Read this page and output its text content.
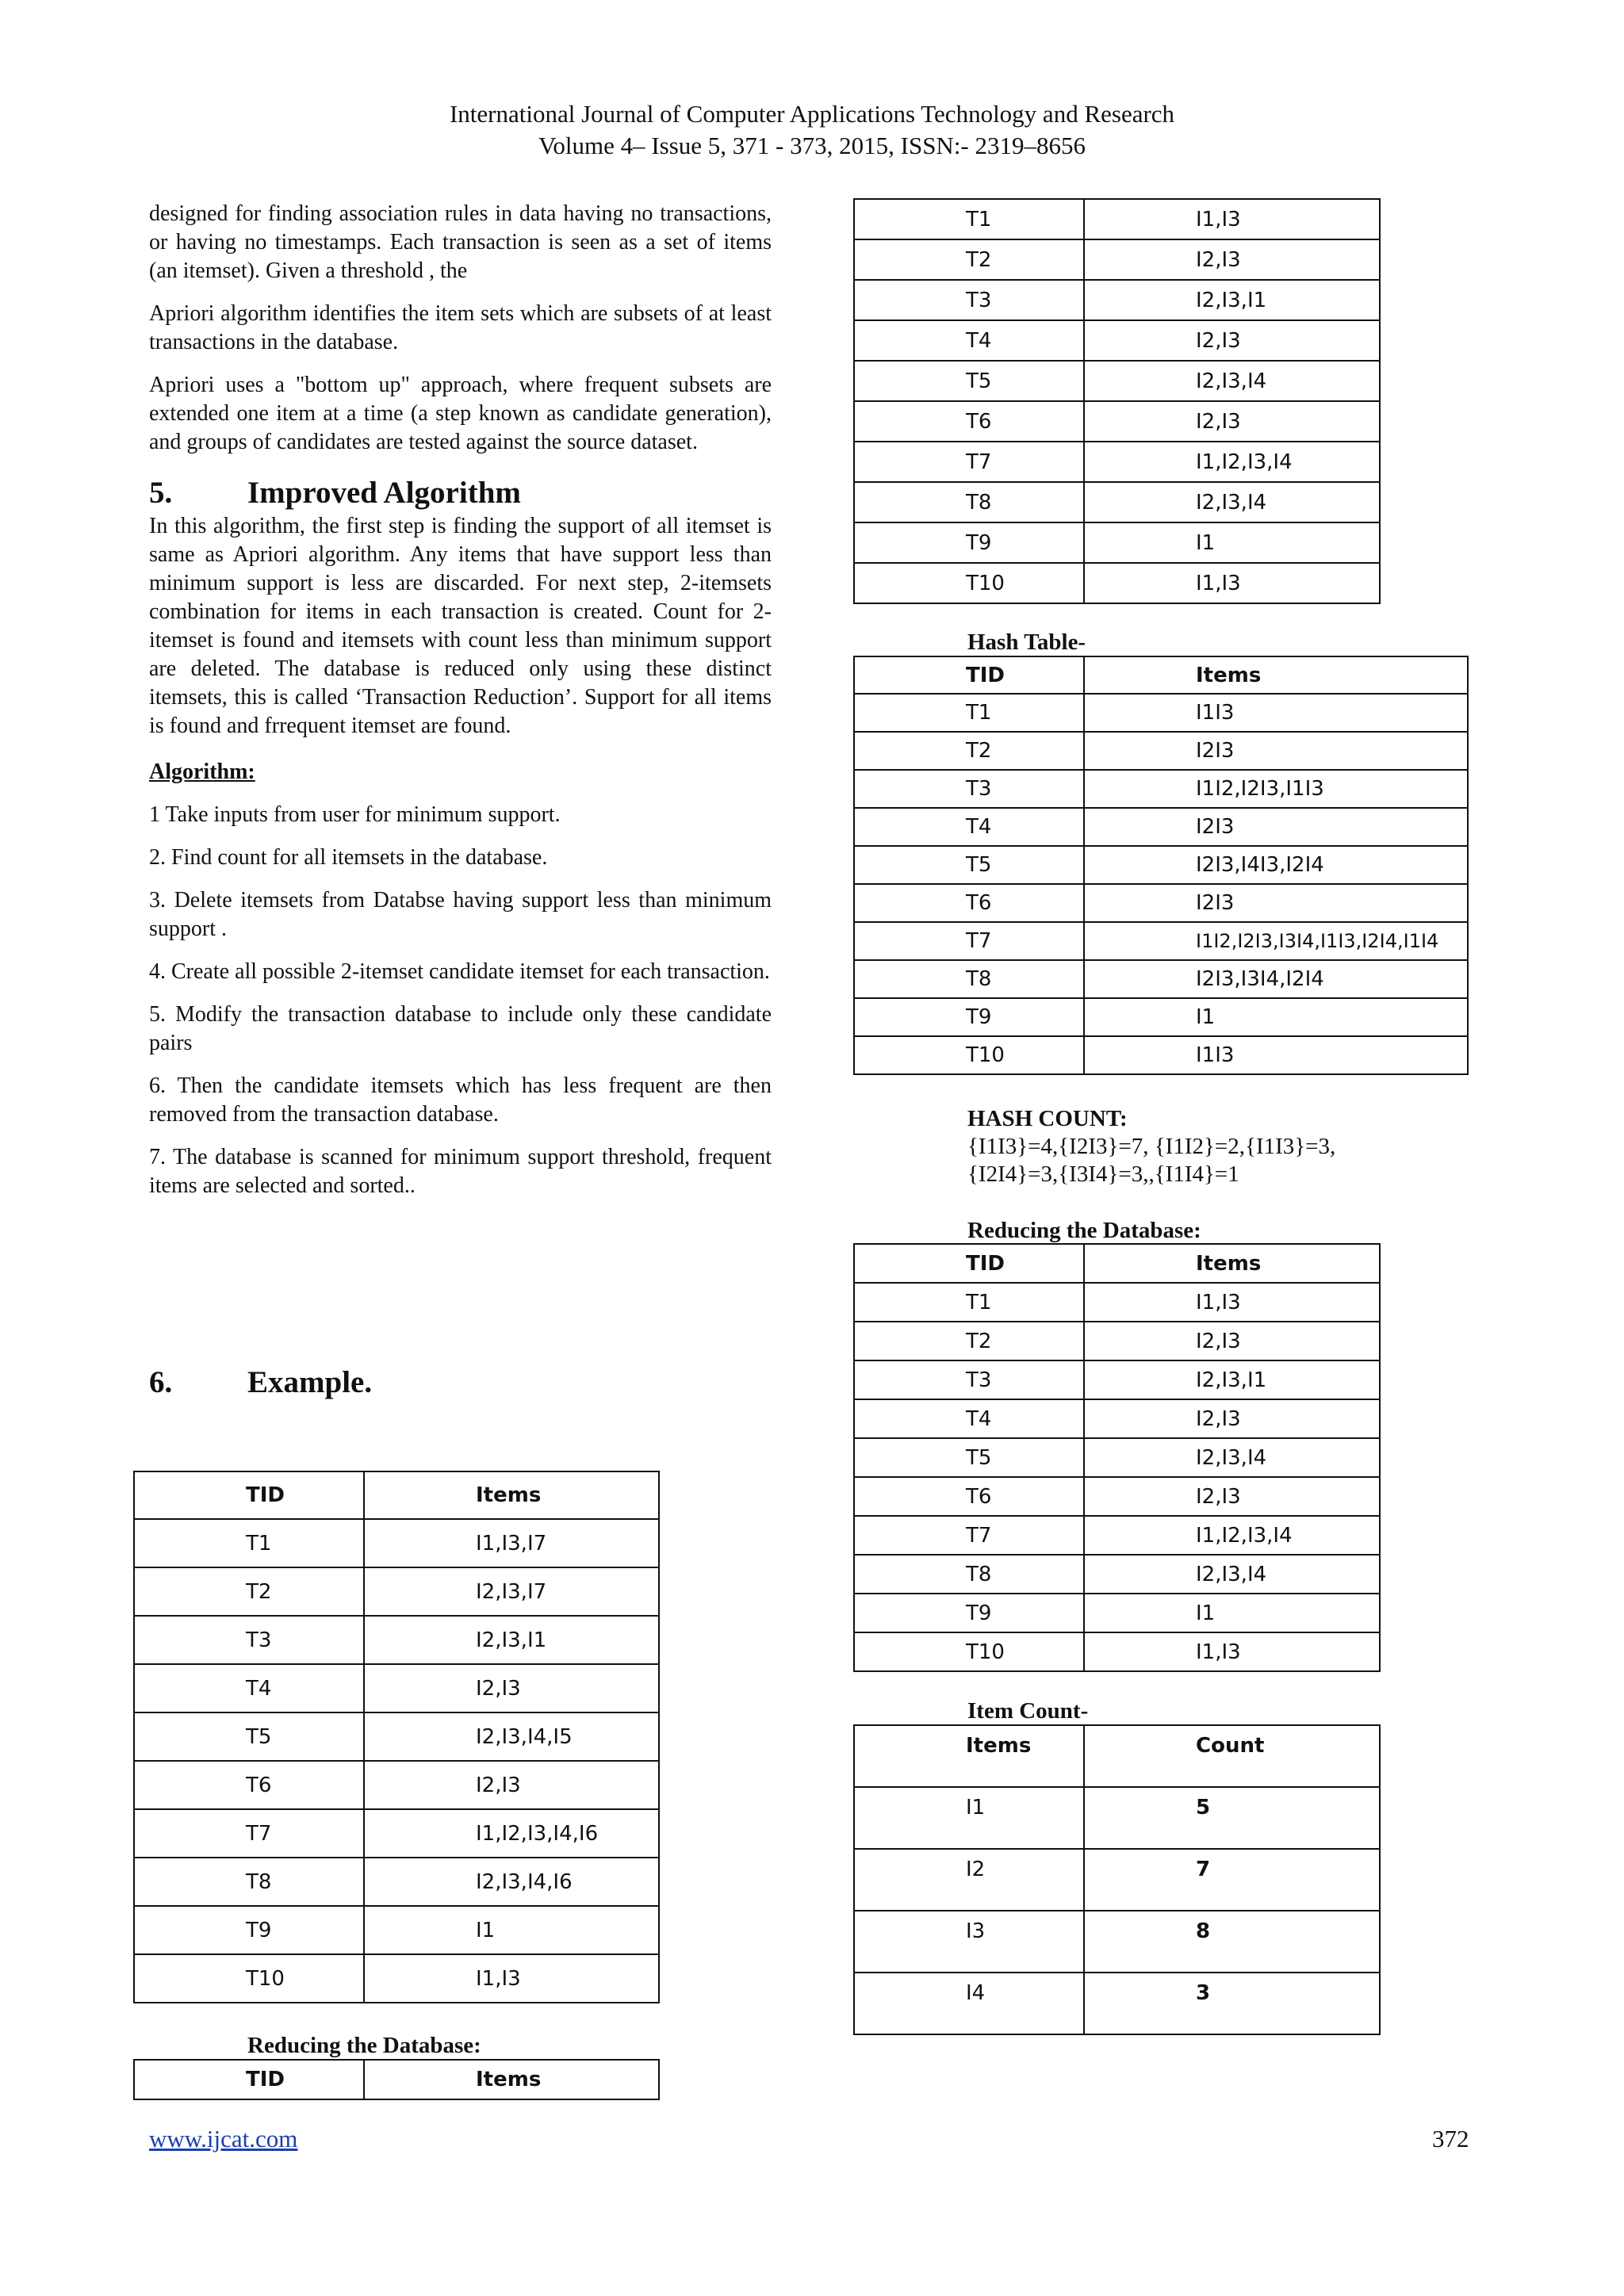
International Journal of Computer Applications Technology and Research
Volume 4– Issue 5, 371 - 373, 2015, ISSN:- 2319–8656

designed for finding association rules in data having no transactions, or having no timestamps. Each transaction is seen as a set of items (an itemset). Given a threshold , the

Apriori algorithm identifies the item sets which are subsets of at least transactions in the database.

Apriori uses a "bottom up" approach, where frequent subsets are extended one item at a time (a step known as candidate generation), and groups of candidates are tested against the source dataset.

5. Improved Algorithm

In this algorithm, the first step is finding the support of all itemset is same as Apriori algorithm. Any items that have support less than minimum support is less are discarded. For next step, 2-itemsets combination for items in each transaction is created. Count for 2-itemset is found and itemsets with count less than minimum support are deleted. The database is reduced only using these distinct itemsets, this is called ‘Transaction Reduction’. Support for all items is found and frrequent itemset are found.

Algorithm:

1 Take inputs from user for minimum support.

2. Find count for all itemsets in the database.

3. Delete itemsets from Databse having support less than minimum support .

4. Create all possible 2-itemset candidate itemset for each transaction.

5. Modify the transaction database to include only these candidate pairs

6. Then the candidate itemsets which has less frequent are then removed from the transaction database.

7. The database is scanned for minimum support threshold, frequent items are selected and sorted..

6. Example.
TID	Items
T1	I1,I3,I7
T2	I2,I3,I7
T3	I2,I3,I1
T4	I2,I3
T5	I2,I3,I4,I5
T6	I2,I3
T7	I1,I2,I3,I4,I6
T8	I2,I3,I4,I6
T9	I1
T10	I1,I3
Reducing the Database:
TID	Items
T1	I1,I3
T2	I2,I3
T3	I2,I3,I1
T4	I2,I3
T5	I2,I3,I4
T6	I2,I3
T7	I1,I2,I3,I4
T8	I2,I3,I4
T9	I1
T10	I1,I3
Hash Table-
TID	Items
T1	I1I3
T2	I2I3
T3	I1I2,I2I3,I1I3
T4	I2I3
T5	I2I3,I4I3,I2I4
T6	I2I3
T7	I1I2,I2I3,I3I4,I1I3,I2I4,I1I4
T8	I2I3,I3I4,I2I4
T9	I1
T10	I1I3
HASH COUNT:
{I1I3}=4,{I2I3}=7, {I1I2}=2,{I1I3}=3,
{I2I4}=3,{I3I4}=3,,{I1I4}=1
Reducing the Database:
TID	Items
T1	I1,I3
T2	I2,I3
T3	I2,I3,I1
T4	I2,I3
T5	I2,I3,I4
T6	I2,I3
T7	I1,I2,I3,I4
T8	I2,I3,I4
T9	I1
T10	I1,I3
Item Count-
Items	Count
I1	5
I2	7
I3	8
I4	3
www.ijcat.com	372
